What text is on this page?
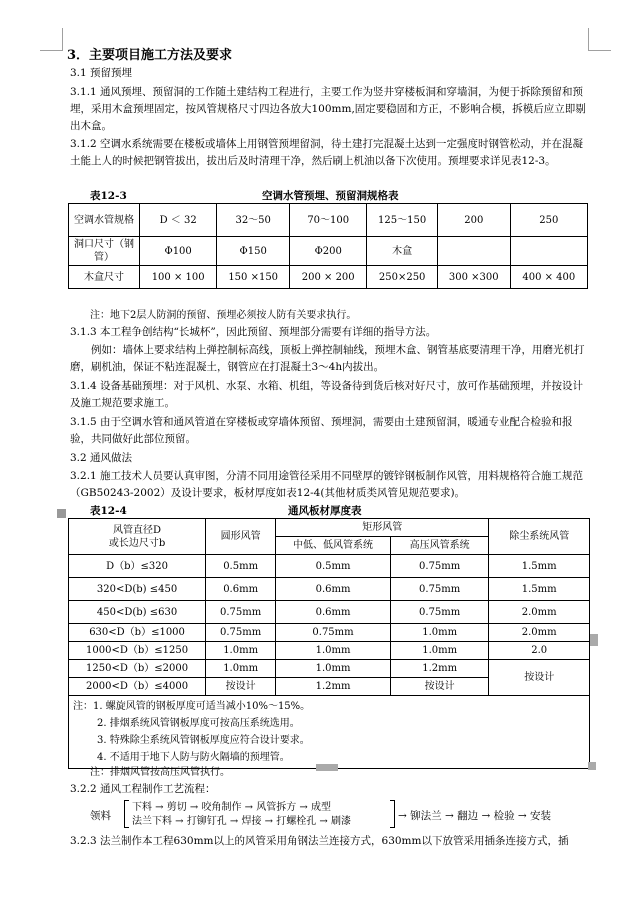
3．主要项目施工方法及要求
3.1 预留预埋
3.1.1 通风预埋、预留洞的工作随土建结构工程进行，主要工作为竖井穿楼板洞和穿墙洞，为便于拆除预留和预埋，采用木盒预埋固定，按风管规格尺寸四边各放大100mm,固定要稳固和方正，不影响合模，拆模后应立即剔出木盒。
3.1.2 空调水系统需要在楼板或墙体上用钢管预埋留洞，待土建打完混凝土达到一定强度时钢管松动，并在混凝土能上人的时候把钢管拔出，拔出后及时清理干净，然后刷上机油以备下次使用。预埋要求详见表12-3。
表12-3	空调水管预埋、预留洞规格表
空调水管规格	D ＜ 32	32～50	70～100	125～150	200	250
洞口尺寸（钢管）	Φ100	Φ150	Φ200	木盒		
木盒尺寸	100 × 100	150 ×150	200 × 200	250×250	300 ×300	400 × 400
注：地下2层人防洞的预留、预埋必须按人防有关要求执行。
3.1.3 本工程争创结构“长城杯”，因此预留、预埋部分需要有详细的指导方法。
例如：墙体上要求结构上弹控制标高线，顶板上弹控制轴线，预埋木盒、钢管基底要清理干净，用磨光机打磨，刷机油，保证不粘连混凝土，钢管应在打混凝土3～4h内拔出。
3.1.4 设备基础预埋：对于风机、水泵、水箱、机组，等设备待到货后核对好尺寸，放可作基础预埋，并按设计及施工规范要求施工。
3.1.5 由于空调水管和通风管道在穿楼板或穿墙体预留、预埋洞，需要由土建预留洞，暖通专业配合检验和报验，共同做好此部位预留。
3.2 通风做法
3.2.1 施工技术人员要认真审图，分清不同用途管径采用不同壁厚的镀锌钢板制作风管，用料规格符合施工规范（GB50243-2002）及设计要求，板材厚度如表12-4(其他材质类风管见规范要求)。
表12-4	通风板材厚度表
风管直径D
或长边尺寸b	圆形风管	矩形风管		除尘系统风管
		中低、低风管系统	高压风管系统	
D（b）≤320	0.5mm	0.5mm	0.75mm	1.5mm
320<D(b) ≤450	0.6mm	0.6mm	0.75mm	1.5mm
450<D(b) ≤630	0.75mm	0.6mm	0.75mm	2.0mm
630<D（b）≤1000	0.75mm	0.75mm	1.0mm	2.0mm
1000<D（b）≤1250	1.0mm	1.0mm	1.0mm	2.0
1250<D（b）≤2000	1.0mm	1.0mm	1.2mm	按设计
2000<D（b）≤4000	按设计	1.2mm	按设计	

注：1. 螺旋风管的钢板厚度可适当减小10%～15%。
2. 排烟系统风管钢板厚度可按高压系统选用。
3. 特殊除尘系统风管钢板厚度应符合设计要求。
4. 不适用于地下人防与防火隔墙的预埋管。				
注：排烟风管按高压风管执行。
3.2.2 通风工程制作工艺流程：
领料
下料 → 剪切 → 咬角制作 → 风管拆方 → 成型
法兰下料 → 打铆钉孔 → 焊接 → 打螺栓孔 → 刷漆	→ 铆法兰 → 翻边 → 检验 → 安装
3.2.3 法兰制作本工程630mm以上的风管采用角钢法兰连接方式，630mm以下放管采用插条连接方式，插
